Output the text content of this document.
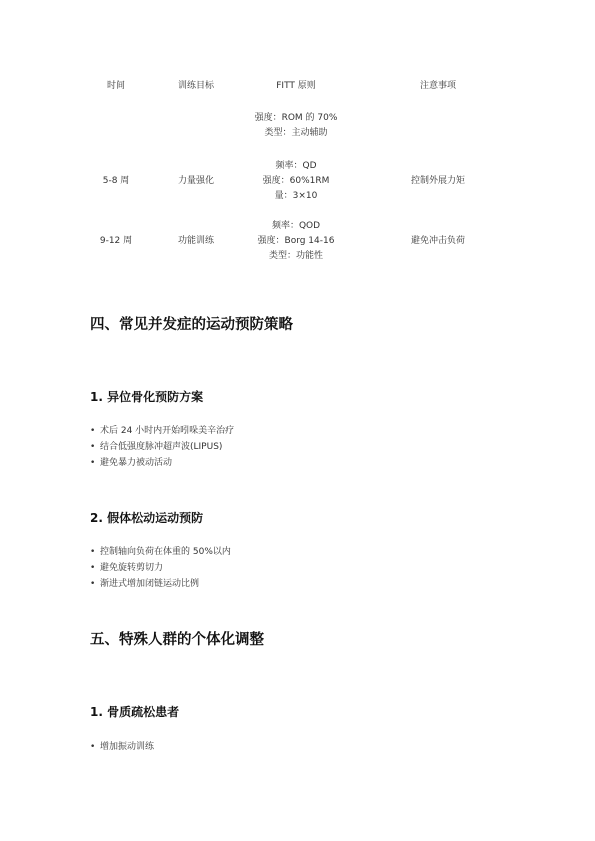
时间	训练目标	FITT 原则	注意事项

		强度：ROM 的 70%
类型：主动辅助	

5-8 周	力量强化	频率：QD
强度：60%1RM
量：3×10	控制外展力矩
9-12 周	功能训练	频率：QOD
强度：Borg 14-16
类型：功能性	避免冲击负荷
四、常见并发症的运动预防策略
1. 异位骨化预防方案
• 术后 24 小时内开始吲哚美辛治疗
• 结合低强度脉冲超声波(LIPUS)
• 避免暴力被动活动
2. 假体松动运动预防
• 控制轴向负荷在体重的 50%以内
• 避免旋转剪切力
• 渐进式增加闭链运动比例
五、特殊人群的个体化调整
1. 骨质疏松患者
• 增加振动训练
